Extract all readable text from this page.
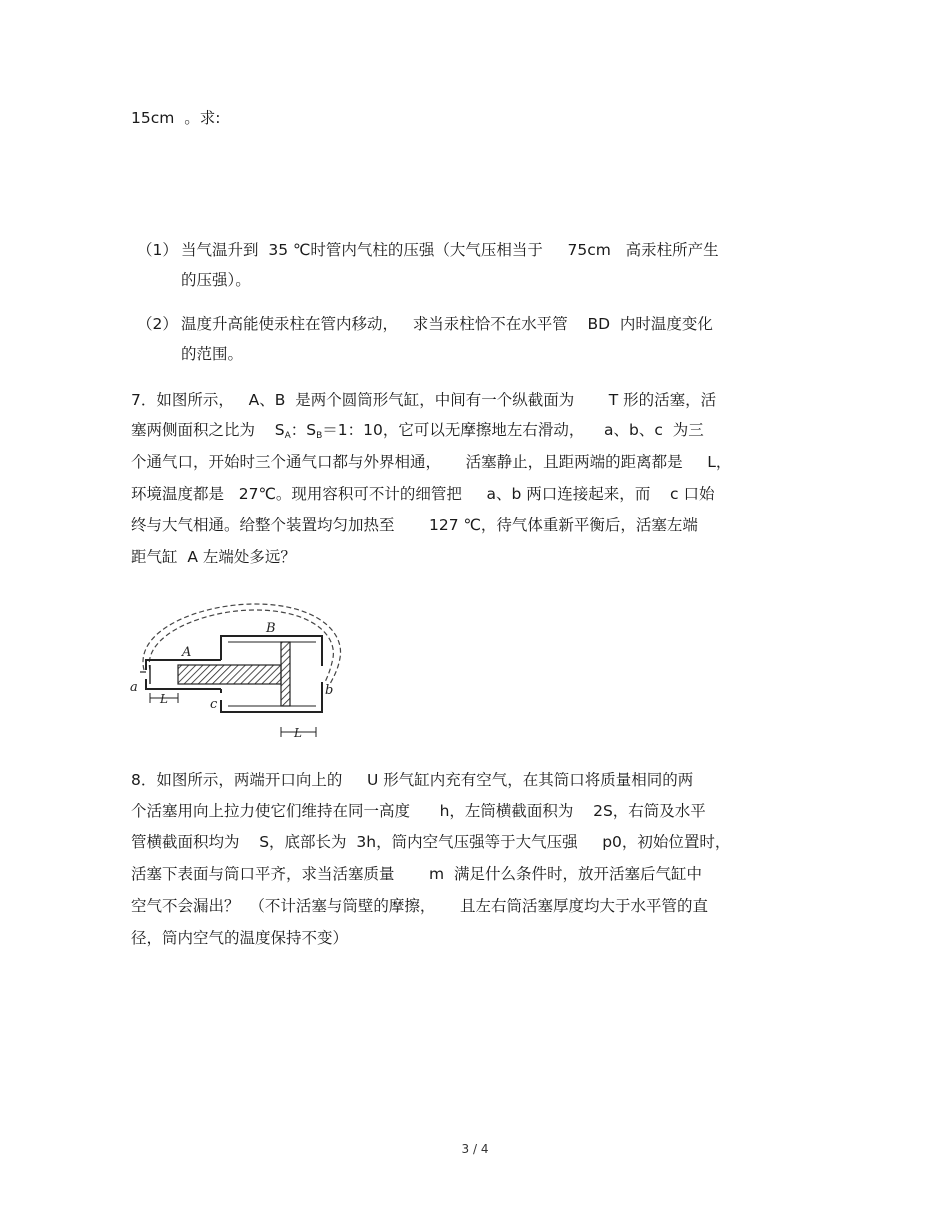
15cm  。求:
（1） 当气温升到  35 ℃时管内气柱的压强（大气压相当于     75cm   高汞柱所产生
的压强）。
（2） 温度升高能使汞柱在管内移动，   求当汞柱恰不在水平管    BD  内时温度变化
的范围。
7．如图所示，   A、B  是两个圆筒形气缸，中间有一个纵截面为       T 形的活塞，活
塞两侧面积之比为    $S_A$：$S_B=1$：10，它可以无摩擦地左右滑动，    a、b、c  为三
个通气口，开始时三个通气口都与外界相通，     活塞静止，且距两端的距离都是     L，
环境温度都是   27℃。现用容积可不计的细管把     a、b 两口连接起来，而    c 口始
终与大气相通。给整个装置均匀加热至       127 ℃，待气体重新平衡后，活塞左端
距气缸  A 左端处多远？
A
B
a	b
c
L
L
8．如图所示，两端开口向上的     U 形气缸内充有空气，在其筒口将质量相同的两
个活塞用向上拉力使它们维持在同一高度      h，左筒横截面积为    2S，右筒及水平
管横截面积均为    S，底部长为  3h，筒内空气压强等于大气压强     p0，初始位置时，
活塞下表面与筒口平齐，求当活塞质量       m  满足什么条件时，放开活塞后气缸中
空气不会漏出？  （不计活塞与筒壁的摩擦，     且左右筒活塞厚度均大于水平管的直
径，筒内空气的温度保持不变）
3 / 4
